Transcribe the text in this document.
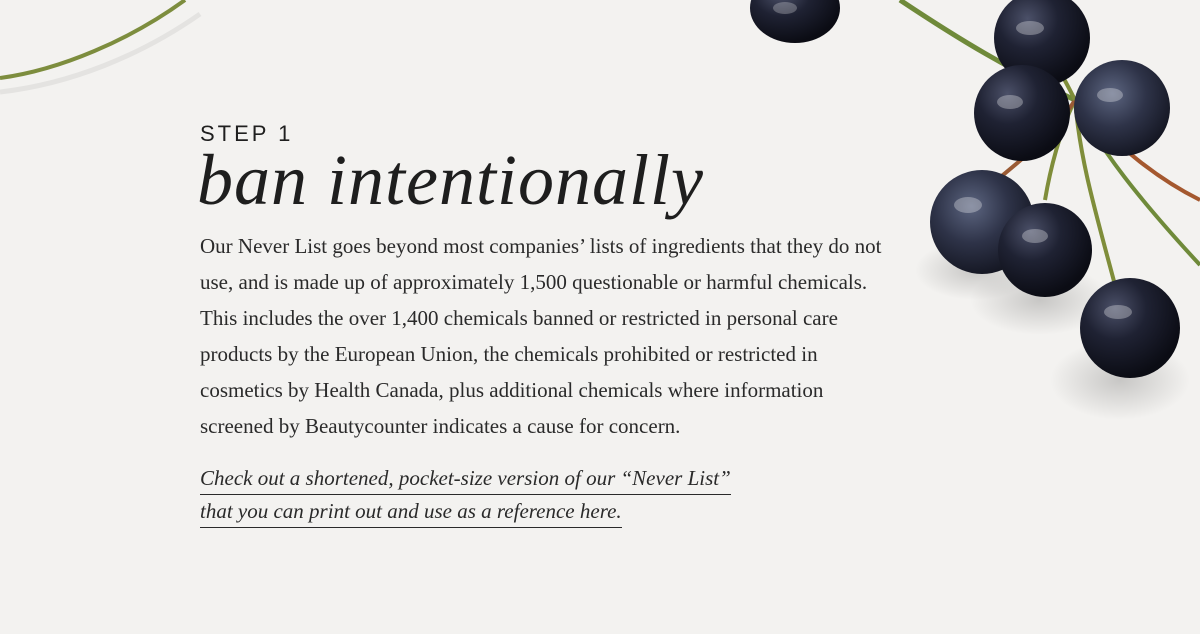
STEP 1

ban intentionally

Our Never List goes beyond most companies’ lists of ingredients that they do not use, and is made up of approximately 1,500 questionable or harmful chemicals. This includes the over 1,400 chemicals banned or restricted in personal care products by the European Union, the chemicals prohibited or restricted in cosmetics by Health Canada, plus additional chemicals where information screened by Beautycounter indicates a cause for concern.

Check out a shortened, pocket-size version of our “Never List”
that you can print out and use as a reference here.
